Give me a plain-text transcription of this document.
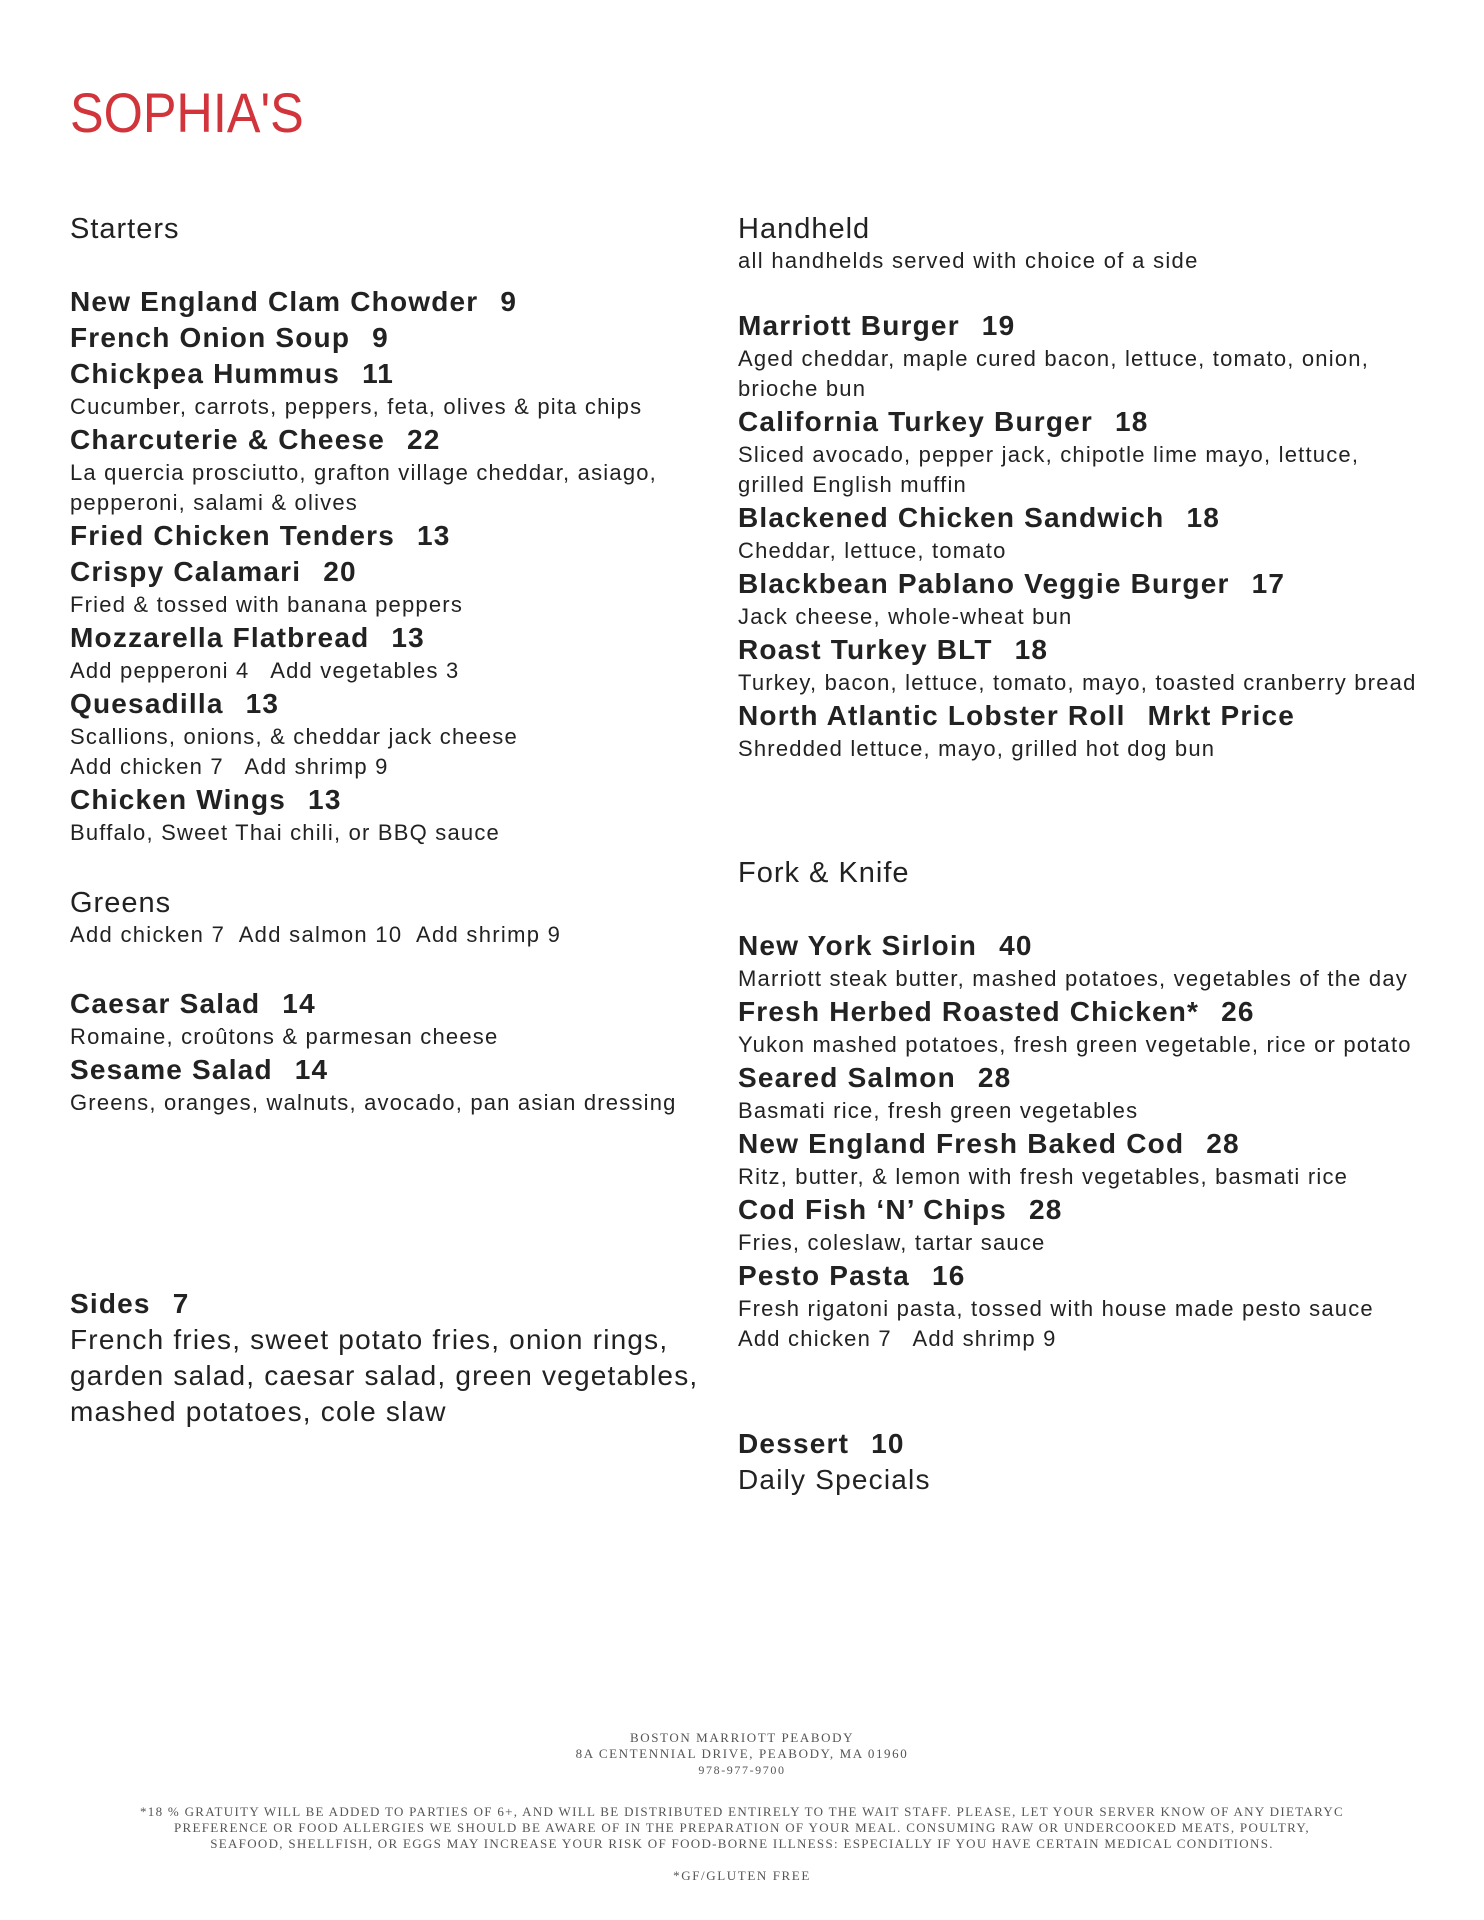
SOPHIA'S
Starters
New England Clam Chowder 9
French Onion Soup 9
Chickpea Hummus 11
Cucumber, carrots, peppers, feta, olives & pita chips
Charcuterie & Cheese 22
La quercia prosciutto, grafton village cheddar, asiago,
pepperoni, salami & olives
Fried Chicken Tenders 13
Crispy Calamari 20
Fried & tossed with banana peppers
Mozzarella Flatbread 13
Add pepperoni 4   Add vegetables 3
Quesadilla 13
Scallions, onions, & cheddar jack cheese
Add chicken 7   Add shrimp 9
Chicken Wings 13
Buffalo, Sweet Thai chili, or BBQ sauce
Greens
Add chicken 7  Add salmon 10  Add shrimp 9
Caesar Salad 14
Romaine, croûtons & parmesan cheese
Sesame Salad 14
Greens, oranges, walnuts, avocado, pan asian dressing
Sides 7
French fries, sweet potato fries, onion rings,
garden salad, caesar salad, green vegetables,
mashed potatoes, cole slaw
Handheld
all handhelds served with choice of a side
Marriott Burger 19
Aged cheddar, maple cured bacon, lettuce, tomato, onion,
brioche bun
California Turkey Burger 18
Sliced avocado, pepper jack, chipotle lime mayo, lettuce,
grilled English muffin
Blackened Chicken Sandwich 18
Cheddar, lettuce, tomato
Blackbean Pablano Veggie Burger 17
Jack cheese, whole-wheat bun
Roast Turkey BLT 18
Turkey, bacon, lettuce, tomato, mayo, toasted cranberry bread
North Atlantic Lobster Roll Mrkt Price
Shredded lettuce, mayo, grilled hot dog bun
Fork & Knife
New York Sirloin 40
Marriott steak butter, mashed potatoes, vegetables of the day
Fresh Herbed Roasted Chicken* 26
Yukon mashed potatoes, fresh green vegetable, rice or potato
Seared Salmon 28
Basmati rice, fresh green vegetables
New England Fresh Baked Cod 28
Ritz, butter, & lemon with fresh vegetables, basmati rice
Cod Fish ‘N’ Chips 28
Fries, coleslaw, tartar sauce
Pesto Pasta 16
Fresh rigatoni pasta, tossed with house made pesto sauce
Add chicken 7   Add shrimp 9
Dessert 10
Daily Specials
BOSTON MARRIOTT PEABODY
8A CENTENNIAL DRIVE, PEABODY, MA 01960
978-977-9700
*18 % GRATUITY WILL BE ADDED TO PARTIES OF 6+, AND WILL BE DISTRIBUTED ENTIRELY TO THE WAIT STAFF. PLEASE, LET YOUR SERVER KNOW OF ANY DIETARYC
PREFERENCE OR FOOD ALLERGIES WE SHOULD BE AWARE OF IN THE PREPARATION OF YOUR MEAL. CONSUMING RAW OR UNDERCOOKED MEATS, POULTRY,
SEAFOOD, SHELLFISH, OR EGGS MAY INCREASE YOUR RISK OF FOOD-BORNE ILLNESS: ESPECIALLY IF YOU HAVE CERTAIN MEDICAL CONDITIONS.
*GF/GLUTEN FREE
